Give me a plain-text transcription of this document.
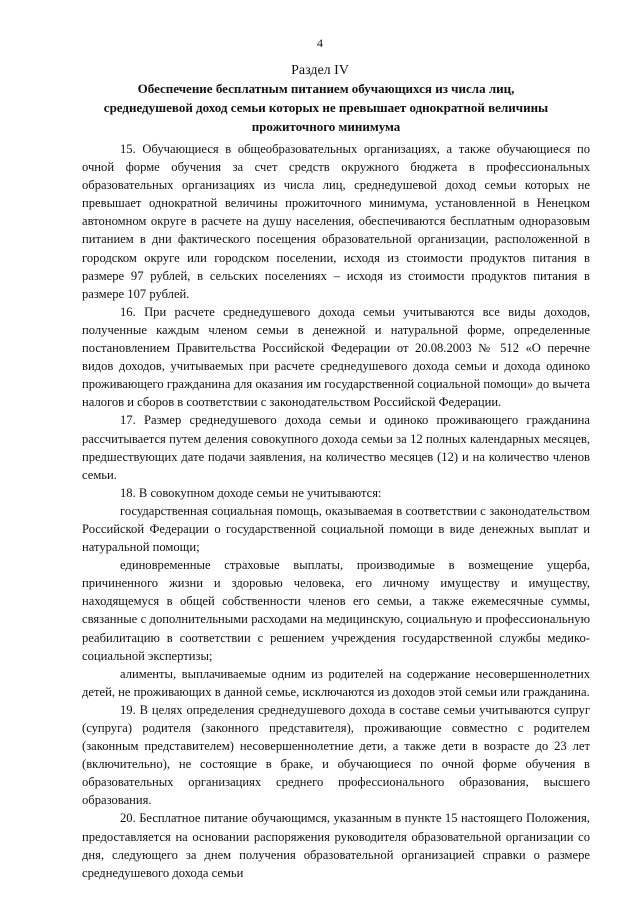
4
Раздел IV
Обеспечение бесплатным питанием обучающихся из числа лиц, среднедушевой доход семьи которых не превышает однократной величины прожиточного минимума

15. Обучающиеся в общеобразовательных организациях, а также обучающиеся по очной форме обучения за счет средств окружного бюджета в профессиональных образовательных организациях из числа лиц, среднедушевой доход семьи которых не превышает однократной величины прожиточного минимума, установленной в Ненецком автономном округе в расчете на душу населения, обеспечиваются бесплатным одноразовым питанием в дни фактического посещения образовательной организации, расположенной в городском округе или городском поселении, исходя из стоимости продуктов питания в размере 97 рублей, в сельских поселениях – исходя из стоимости продуктов питания в размере 107 рублей.

16. При расчете среднедушевого дохода семьи учитываются все виды доходов, полученные каждым членом семьи в денежной и натуральной форме, определенные постановлением Правительства Российской Федерации от 20.08.2003 № 512 «О перечне видов доходов, учитываемых при расчете среднедушевого дохода семьи и дохода одиноко проживающего гражданина для оказания им государственной социальной помощи» до вычета налогов и сборов в соответствии с законодательством Российской Федерации.

17. Размер среднедушевого дохода семьи и одиноко проживающего гражданина рассчитывается путем деления совокупного дохода семьи за 12 полных календарных месяцев, предшествующих дате подачи заявления, на количество месяцев (12) и на количество членов семьи.

18. В совокупном доходе семьи не учитываются:

государственная социальная помощь, оказываемая в соответствии с законодательством Российской Федерации о государственной социальной помощи в виде денежных выплат и натуральной помощи;

единовременные страховые выплаты, производимые в возмещение ущерба, причиненного жизни и здоровью человека, его личному имуществу и имуществу, находящемуся в общей собственности членов его семьи, а также ежемесячные суммы, связанные с дополнительными расходами на медицинскую, социальную и профессиональную реабилитацию в соответствии с решением учреждения государственной службы медико-социальной экспертизы;

алименты, выплачиваемые одним из родителей на содержание несовершеннолетних детей, не проживающих в данной семье, исключаются из доходов этой семьи или гражданина.

19. В целях определения среднедушевого дохода в составе семьи учитываются супруг (супруга) родителя (законного представителя), проживающие совместно с родителем (законным представителем) несовершеннолетние дети, а также дети в возрасте до 23 лет (включительно), не состоящие в браке, и обучающиеся по очной форме обучения в образовательных организациях среднего профессионального образования, высшего образования.

20. Бесплатное питание обучающимся, указанным в пункте 15 настоящего Положения, предоставляется на основании распоряжения руководителя образовательной организации со дня, следующего за днем получения образовательной организацией справки о размере среднедушевого дохода семьи
